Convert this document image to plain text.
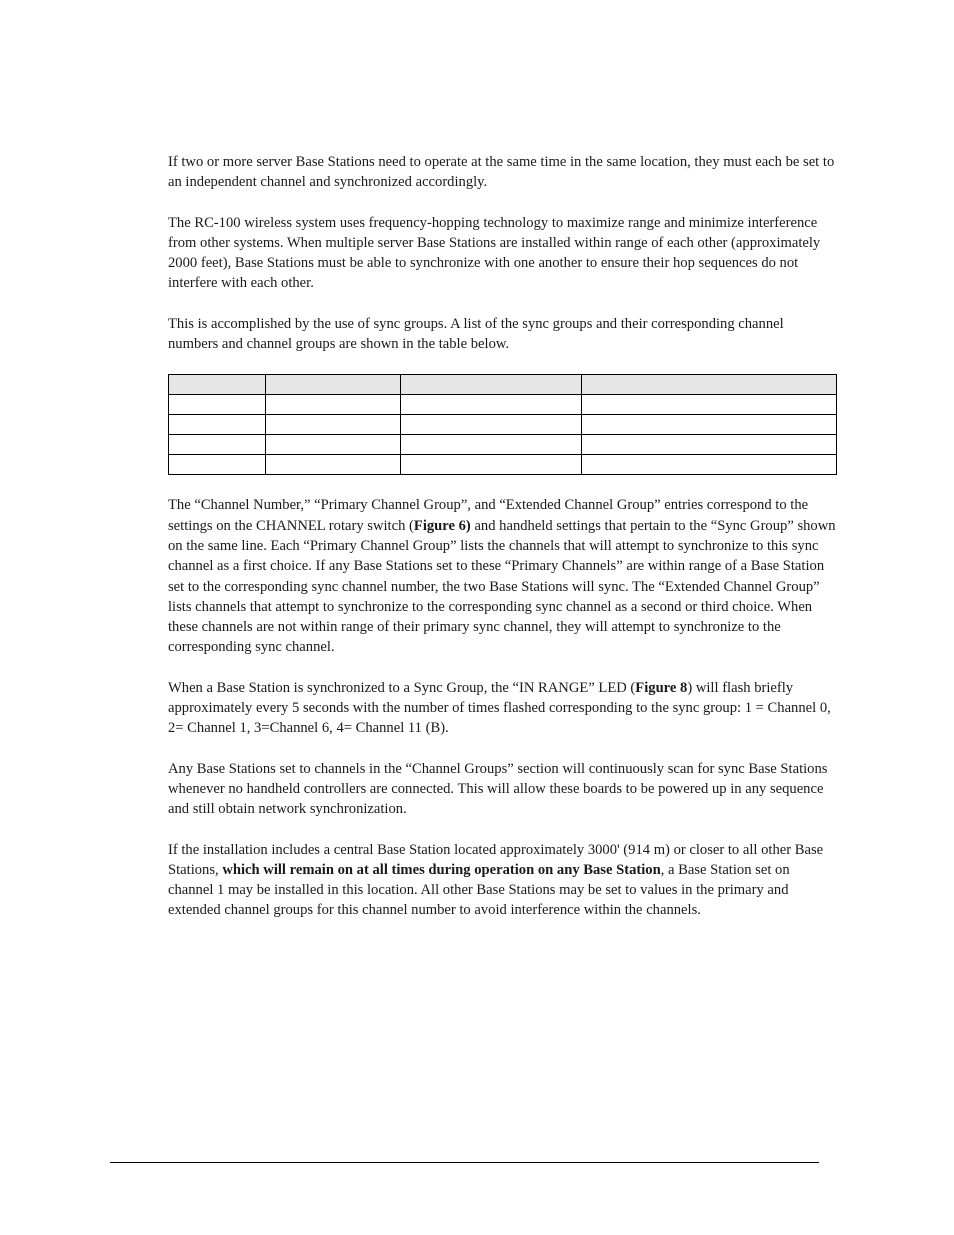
If two or more server Base Stations need to operate at the same time in the same location, they must each be set to an independent channel and synchronized accordingly.

The RC-100 wireless system uses frequency-hopping technology to maximize range and minimize interference from other systems. When multiple server Base Stations are installed within range of each other (approximately 2000 feet), Base Stations must be able to synchronize with one another to ensure their hop sequences do not interfere with each other.

This is accomplished by the use of sync groups. A list of the sync groups and their corresponding channel numbers and channel groups are shown in the table below.

The “Channel Number,” “Primary Channel Group”, and “Extended Channel Group” entries correspond to the settings on the CHANNEL rotary switch (Figure 6) and handheld settings that pertain to the “Sync Group” shown on the same line. Each “Primary Channel Group” lists the channels that will attempt to synchronize to this sync channel as a first choice. If any Base Stations set to these “Primary Channels” are within range of a Base Station set to the corresponding sync channel number, the two Base Stations will sync. The “Extended Channel Group” lists channels that attempt to synchronize to the corresponding sync channel as a second or third choice. When these channels are not within range of their primary sync channel, they will attempt to synchronize to the corresponding sync channel.

When a Base Station is synchronized to a Sync Group, the “IN RANGE” LED (Figure 8) will flash briefly approximately every 5 seconds with the number of times flashed corresponding to the sync group: 1 = Channel 0, 2= Channel 1, 3=Channel 6, 4= Channel 11 (B).

Any Base Stations set to channels in the “Channel Groups” section will continuously scan for sync Base Stations whenever no handheld controllers are connected. This will allow these boards to be powered up in any sequence and still obtain network synchronization.

If the installation includes a central Base Station located approximately 3000' (914 m) or closer to all other Base Stations, which will remain on at all times during operation on any Base Station, a Base Station set on channel 1 may be installed in this location. All other Base Stations may be set to values in the primary and extended channel groups for this channel number to avoid interference within the channels.
